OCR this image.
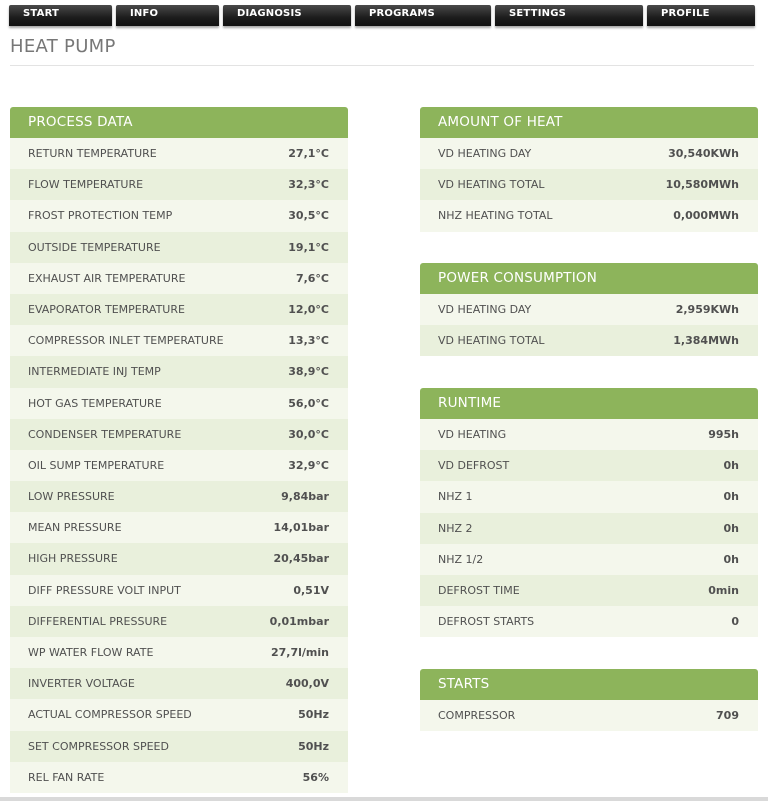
START	INFO	DIAGNOSIS	PROGRAMS	SETTINGS	PROFILE
HEAT PUMP
PROCESS DATA
RETURN TEMPERATURE	27,1°C
FLOW TEMPERATURE	32,3°C
FROST PROTECTION TEMP	30,5°C
OUTSIDE TEMPERATURE	19,1°C
EXHAUST AIR TEMPERATURE	7,6°C
EVAPORATOR TEMPERATURE	12,0°C
COMPRESSOR INLET TEMPERATURE	13,3°C
INTERMEDIATE INJ TEMP	38,9°C
HOT GAS TEMPERATURE	56,0°C
CONDENSER TEMPERATURE	30,0°C
OIL SUMP TEMPERATURE	32,9°C
LOW PRESSURE	9,84bar
MEAN PRESSURE	14,01bar
HIGH PRESSURE	20,45bar
DIFF PRESSURE VOLT INPUT	0,51V
DIFFERENTIAL PRESSURE	0,01mbar
WP WATER FLOW RATE	27,7l/min
INVERTER VOLTAGE	400,0V
ACTUAL COMPRESSOR SPEED	50Hz
SET COMPRESSOR SPEED	50Hz
REL FAN RATE	56%
AMOUNT OF HEAT
VD HEATING DAY	30,540KWh
VD HEATING TOTAL	10,580MWh
NHZ HEATING TOTAL	0,000MWh
POWER CONSUMPTION
VD HEATING DAY	2,959KWh
VD HEATING TOTAL	1,384MWh
RUNTIME
VD HEATING	995h
VD DEFROST	0h
NHZ 1	0h
NHZ 2	0h
NHZ 1/2	0h
DEFROST TIME	0min
DEFROST STARTS	0
STARTS
COMPRESSOR	709
